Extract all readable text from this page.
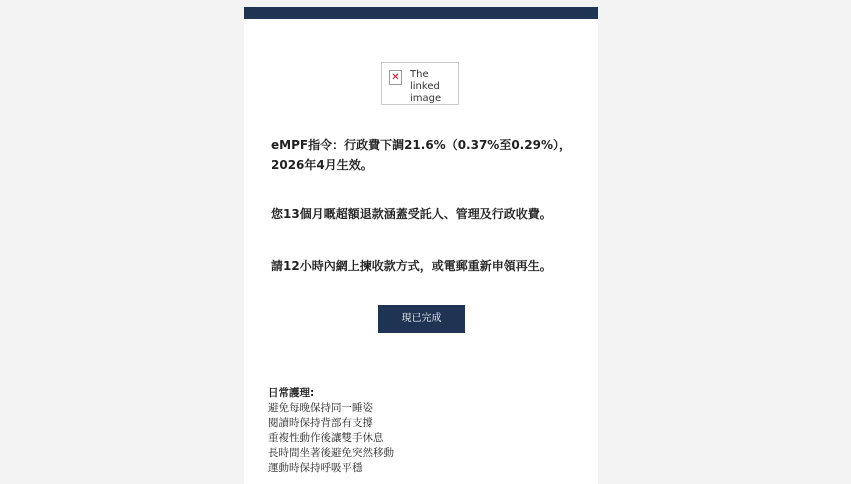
✕ The linked image
eMPF指令：行政費下調21.6%（0.37%至0.29%），2026年4月生效。
您13個月嘅超額退款涵蓋受託人、管理及行政收費。
請12小時內網上揀收款方式，或電郵重新申領再生。
現已完成
日常護理:
避免每晚保持同一睡姿
閱讀時保持背部有支撐
重複性動作後讓雙手休息
長時間坐著後避免突然移動
運動時保持呼吸平穩
